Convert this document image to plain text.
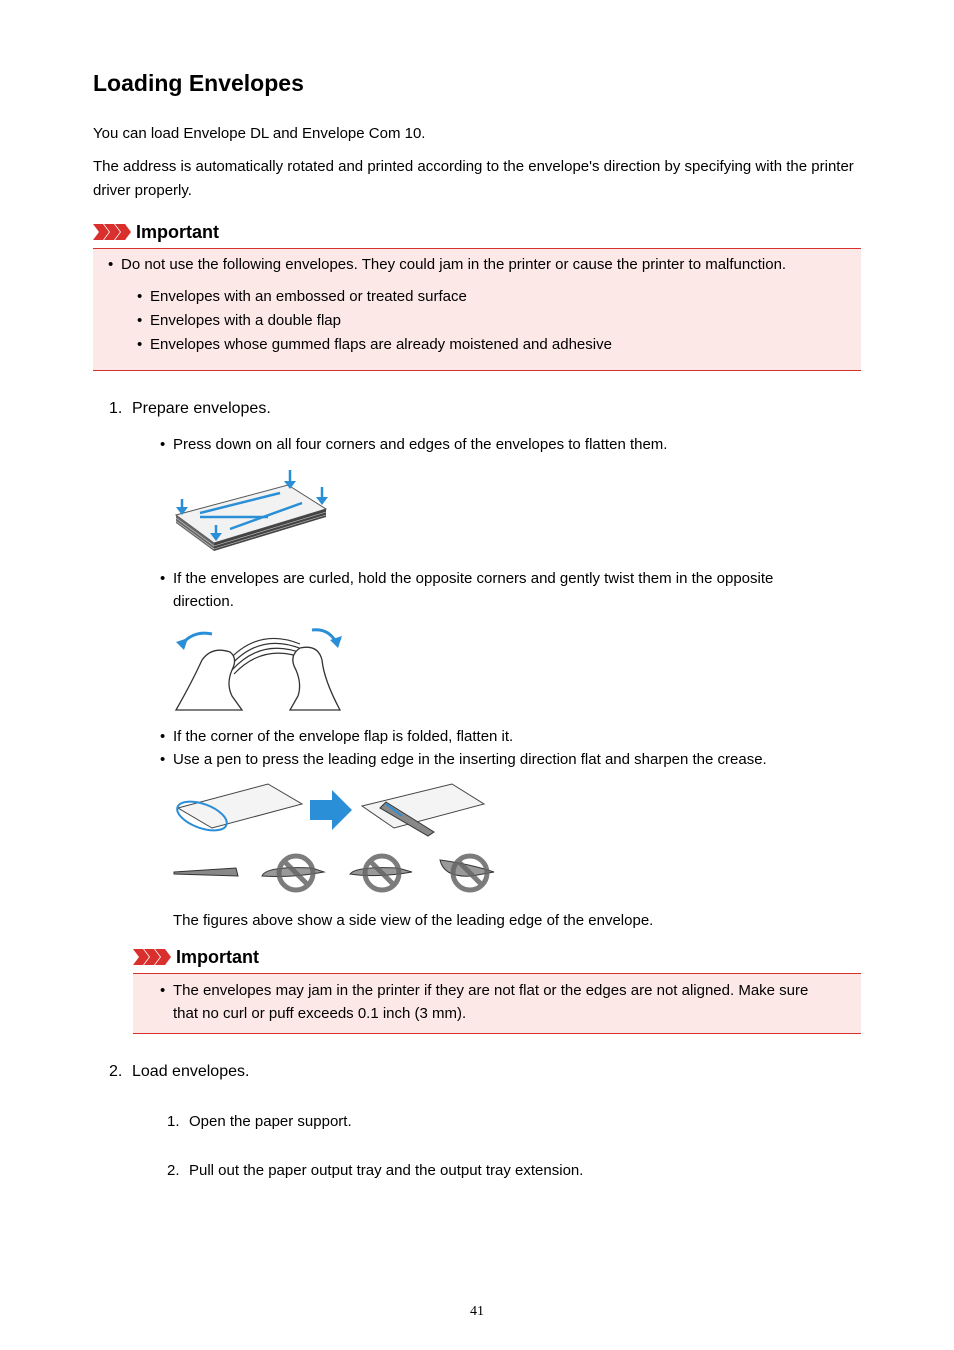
Loading Envelopes

You can load Envelope DL and Envelope Com 10.

The address is automatically rotated and printed according to the envelope's direction by specifying with the printer driver properly.

Important
• Do not use the following envelopes. They could jam in the printer or cause the printer to malfunction.
• Envelopes with an embossed or treated surface
• Envelopes with a double flap
• Envelopes whose gummed flaps are already moistened and adhesive
1. Prepare envelopes.
• Press down on all four corners and edges of the envelopes to flatten them.
• If the envelopes are curled, hold the opposite corners and gently twist them in the opposite
direction.
• If the corner of the envelope flap is folded, flatten it.
• Use a pen to press the leading edge in the inserting direction flat and sharpen the crease.
The figures above show a side view of the leading edge of the envelope.
Important
• The envelopes may jam in the printer if they are not flat or the edges are not aligned. Make sure
that no curl or puff exceeds 0.1 inch (3 mm).
2. Load envelopes.
1. Open the paper support.
2. Pull out the paper output tray and the output tray extension.
41
